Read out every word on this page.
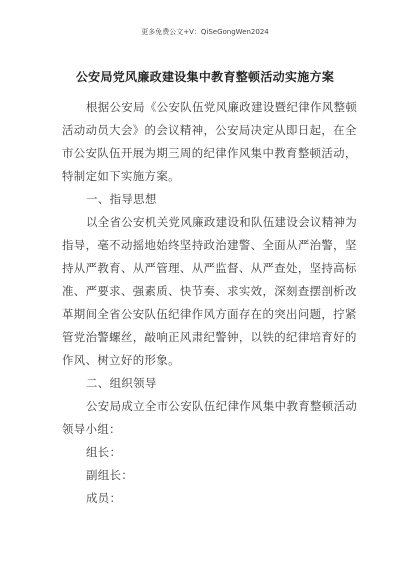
更多免费公文+V：QiSeGongWen2024
公安局党风廉政建设集中教育整顿活动实施方案
根据公安局《公安队伍党风廉政建设暨纪律作风整顿
活动动员大会》的会议精神，公安局决定从即日起，在全
市公安队伍开展为期三周的纪律作风集中教育整顿活动，
特制定如下实施方案。
一、指导思想
以全省公安机关党风廉政建设和队伍建设会议精神为
指导，毫不动摇地始终坚持政治建警、全面从严治警，坚
持从严教育、从严管理、从严监督、从严查处，坚持高标
准、严要求、强素质、快节奏、求实效，深刻查摆剖析改
革期间全省公安队伍纪律作风方面存在的突出问题，拧紧
管党治警螺丝，敲响正风肃纪警钟，以铁的纪律培育好的
作风、树立好的形象。
二、组织领导
公安局成立全市公安队伍纪律作风集中教育整顿活动
领导小组：
组长：
副组长：
成员：
